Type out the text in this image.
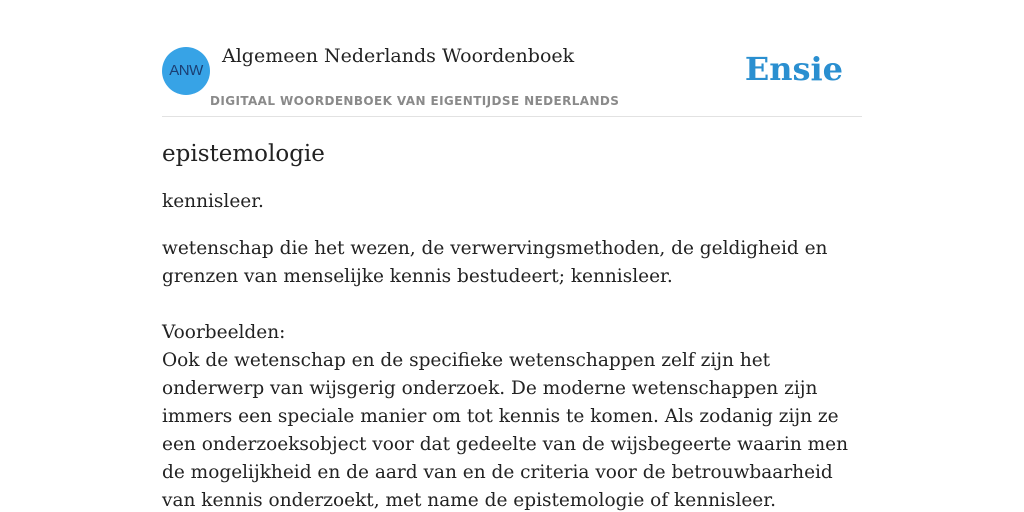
ANW
Algemeen Nederlands Woordenboek
DIGITAAL WOORDENBOEK VAN EIGENTIJDSE NEDERLANDS
Ensie
epistemologie

kennisleer.

wetenschap die het wezen, de verwervingsmethoden, de geldigheid en grenzen van menselijke kennis bestudeert; kennisleer.

Voorbeelden:

Ook de wetenschap en de specifieke wetenschappen zelf zijn het onderwerp van wijsgerig onderzoek. De moderne wetenschappen zijn immers een speciale manier om tot kennis te komen. Als zodanig zijn ze een onderzoeksobject voor dat gedeelte van de wijsbegeerte waarin men de mogelijkheid en de aard van en de criteria voor de betrouwbaarheid van kennis onderzoekt, met name de epistemologie of kennisleer.
